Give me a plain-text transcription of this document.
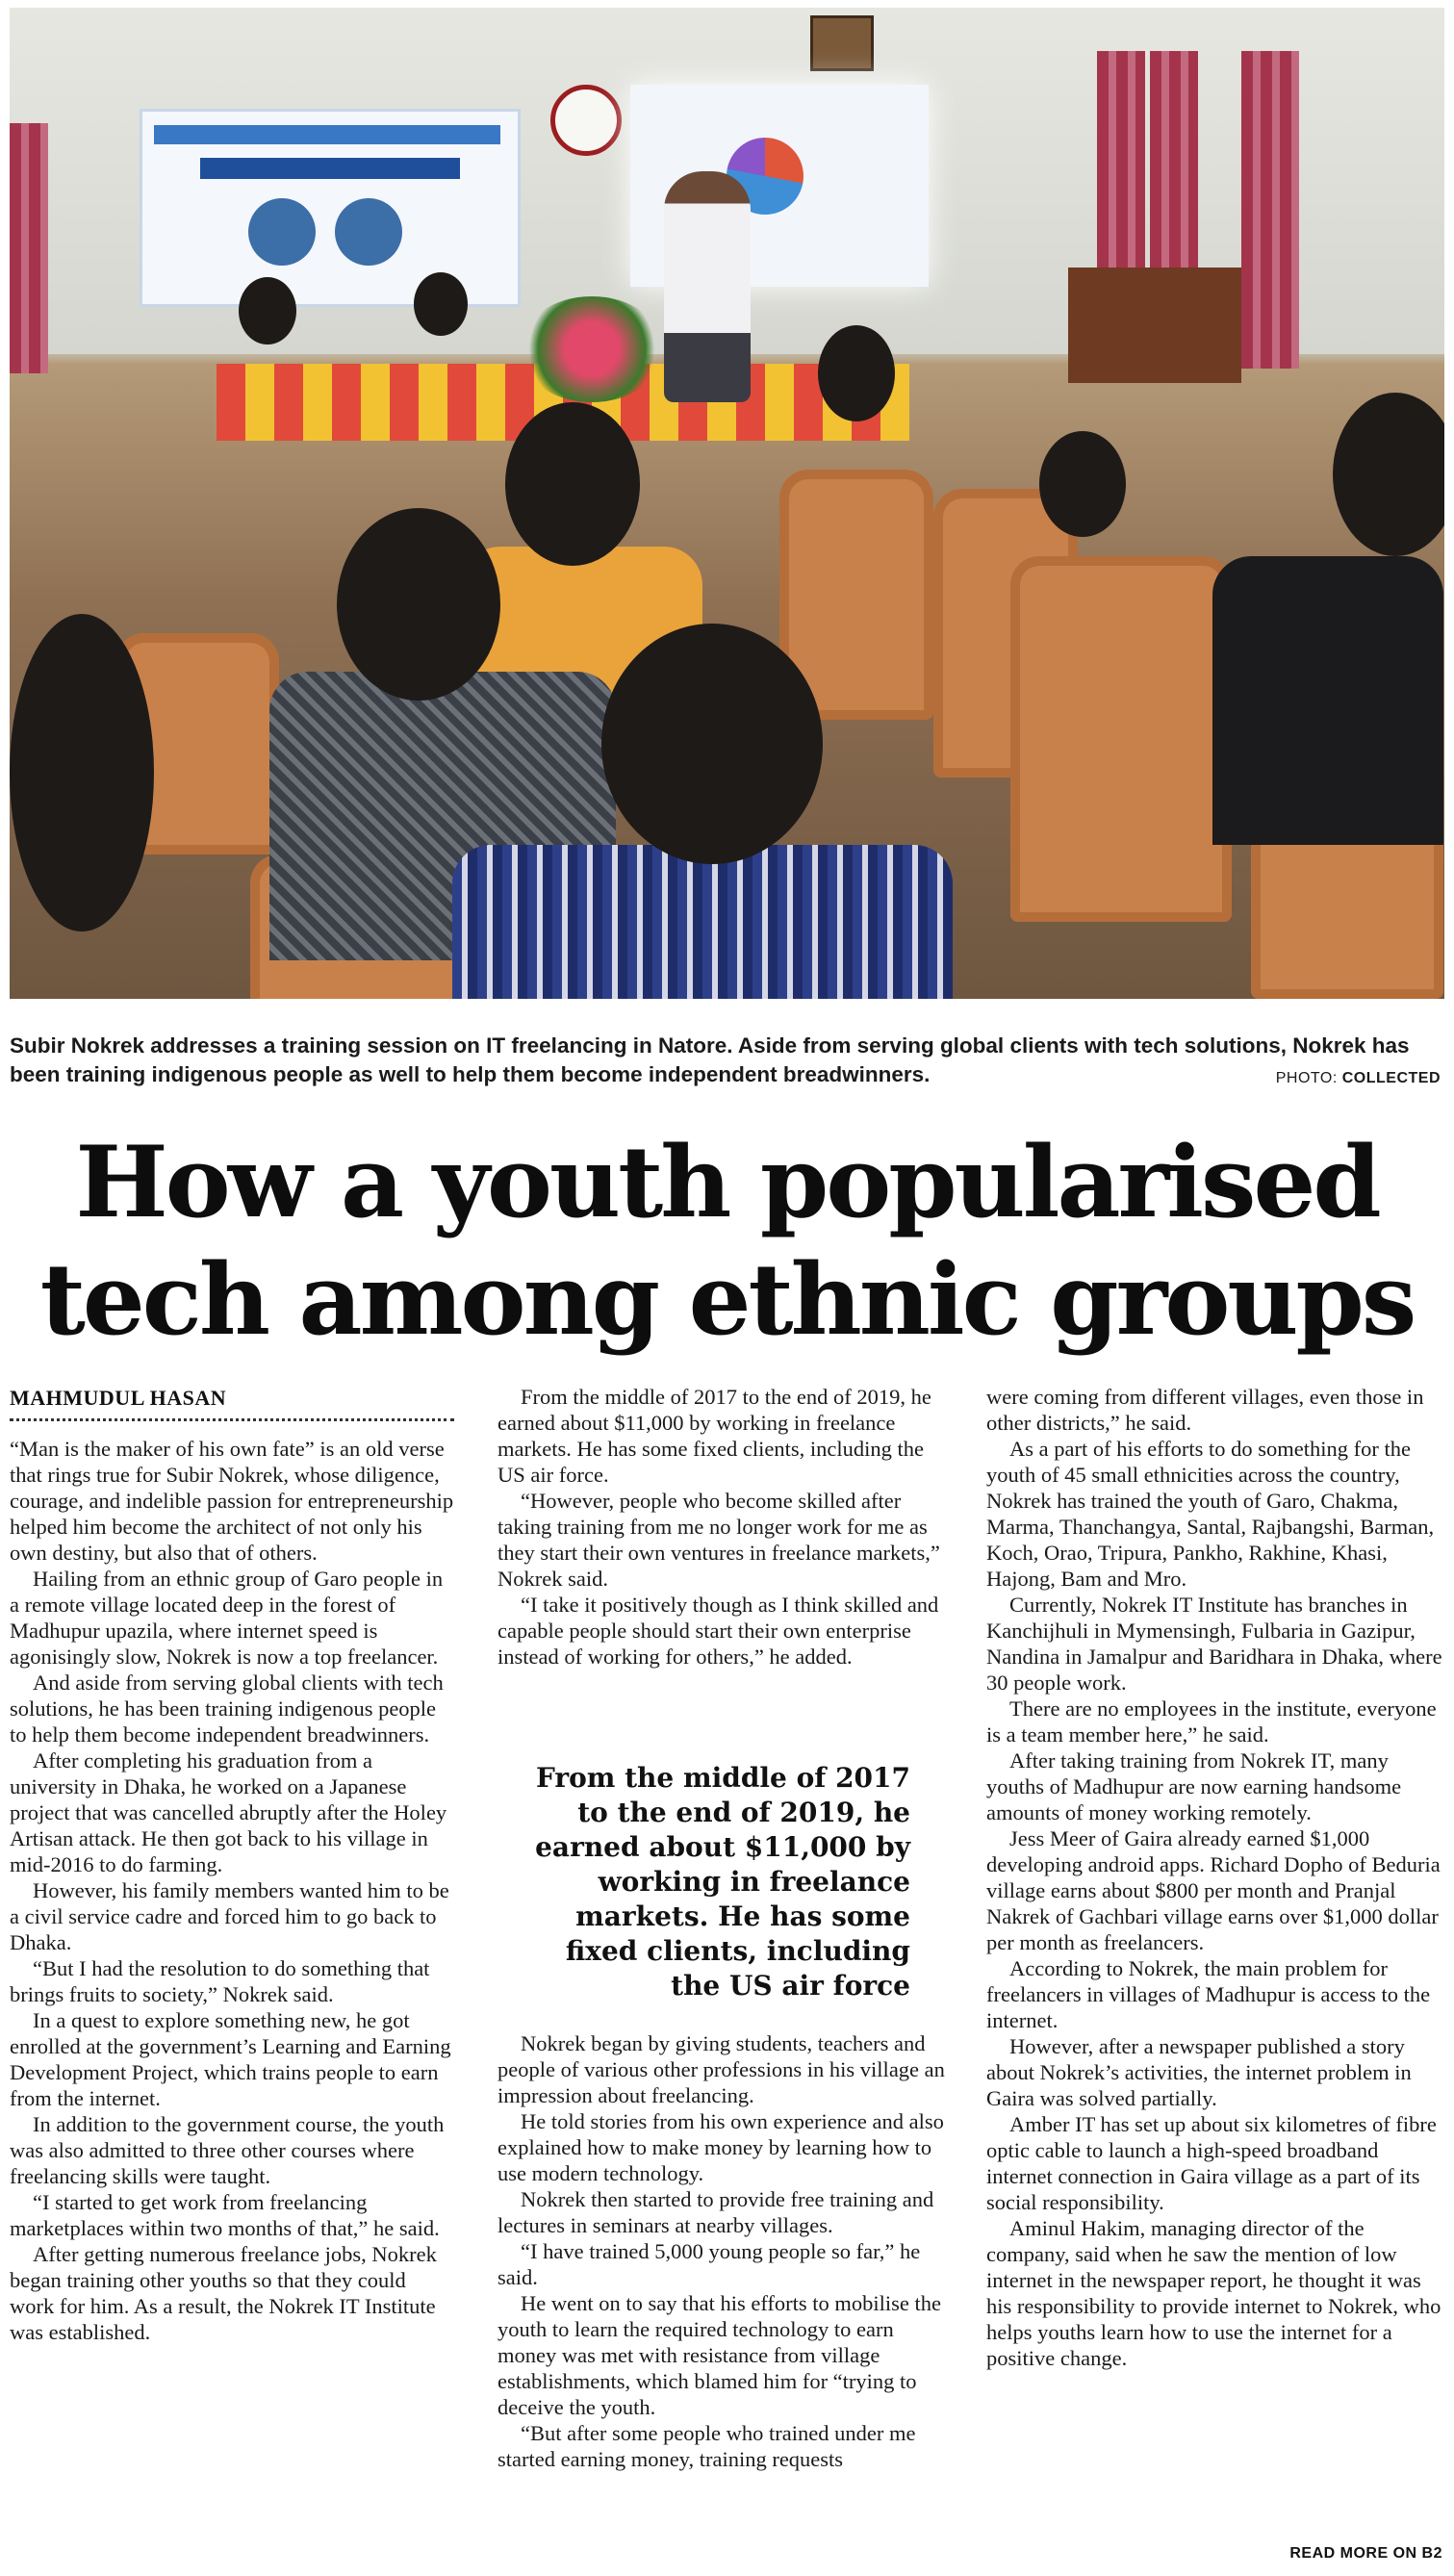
Subir Nokrek addresses a training session on IT freelancing in Natore. Aside from serving global clients with tech solutions, Nokrek has been training indigenous people as well to help them become independent breadwinners.	PHOTO: COLLECTED
How a youth popularised
tech among ethnic groups
MAHMUDUL HASAN

“Man is the maker of his own fate” is an old verse that rings true for Subir Nokrek, whose diligence, courage, and indelible passion for entrepreneurship helped him become the architect of not only his own destiny, but also that of others.

Hailing from an ethnic group of Garo people in a remote village located deep in the forest of Madhupur upazila, where internet speed is agonisingly slow, Nokrek is now a top freelancer.

And aside from serving global clients with tech solutions, he has been training indigenous people to help them become independent breadwinners.

After completing his graduation from a university in Dhaka, he worked on a Japanese project that was cancelled abruptly after the Holey Artisan attack. He then got back to his village in mid-2016 to do farming.

However, his family members wanted him to be a civil service cadre and forced him to go back to Dhaka.

“But I had the resolution to do something that brings fruits to society,” Nokrek said.

In a quest to explore something new, he got enrolled at the government’s Learning and Earning Development Project, which trains people to earn from the internet.

In addition to the government course, the youth was also admitted to three other courses where freelancing skills were taught.

“I started to get work from freelancing marketplaces within two months of that,” he said.

After getting numerous freelance jobs, Nokrek began training other youths so that they could work for him. As a result, the Nokrek IT Institute was established.

From the middle of 2017 to the end of 2019, he earned about $11,000 by working in freelance markets. He has some fixed clients, including the US air force.

“However, people who become skilled after taking training from me no longer work for me as they start their own ventures in freelance markets,” Nokrek said.

“I take it positively though as I think skilled and capable people should start their own enterprise instead of working for others,” he added.

From the middle of 2017 to the end of 2019, he earned about $11,000 by working in freelance markets. He has some fixed clients, including the US air force

Nokrek began by giving students, teachers and people of various other professions in his village an impression about freelancing.

He told stories from his own experience and also explained how to make money by learning how to use modern technology.

Nokrek then started to provide free training and lectures in seminars at nearby villages.

“I have trained 5,000 young people so far,” he said.

He went on to say that his efforts to mobilise the youth to learn the required technology to earn money was met with resistance from village establishments, which blamed him for “trying to deceive the youth.

“But after some people who trained under me started earning money, training requests

were coming from different villages, even those in other districts,” he said.

As a part of his efforts to do something for the youth of 45 small ethnicities across the country, Nokrek has trained the youth of Garo, Chakma, Marma, Thanchangya, Santal, Rajbangshi, Barman, Koch, Orao, Tripura, Pankho, Rakhine, Khasi, Hajong, Bam and Mro.

Currently, Nokrek IT Institute has branches in Kanchijhuli in Mymensingh, Fulbaria in Gazipur, Nandina in Jamalpur and Baridhara in Dhaka, where 30 people work.

There are no employees in the institute, everyone is a team member here,” he said.

After taking training from Nokrek IT, many youths of Madhupur are now earning handsome amounts of money working remotely.

Jess Meer of Gaira already earned $1,000 developing android apps. Richard Dopho of Beduria village earns about $800 per month and Pranjal Nakrek of Gachbari village earns over $1,000 dollar per month as freelancers.

According to Nokrek, the main problem for freelancers in villages of Madhupur is access to the internet.

However, after a newspaper published a story about Nokrek’s activities, the internet problem in Gaira was solved partially.

Amber IT has set up about six kilometres of fibre optic cable to launch a high-speed broadband internet connection in Gaira village as a part of its social responsibility.

Aminul Hakim, managing director of the company, said when he saw the mention of low internet in the newspaper report, he thought it was his responsibility to provide internet to Nokrek, who helps youths learn how to use the internet for a positive change.

READ MORE ON B2
